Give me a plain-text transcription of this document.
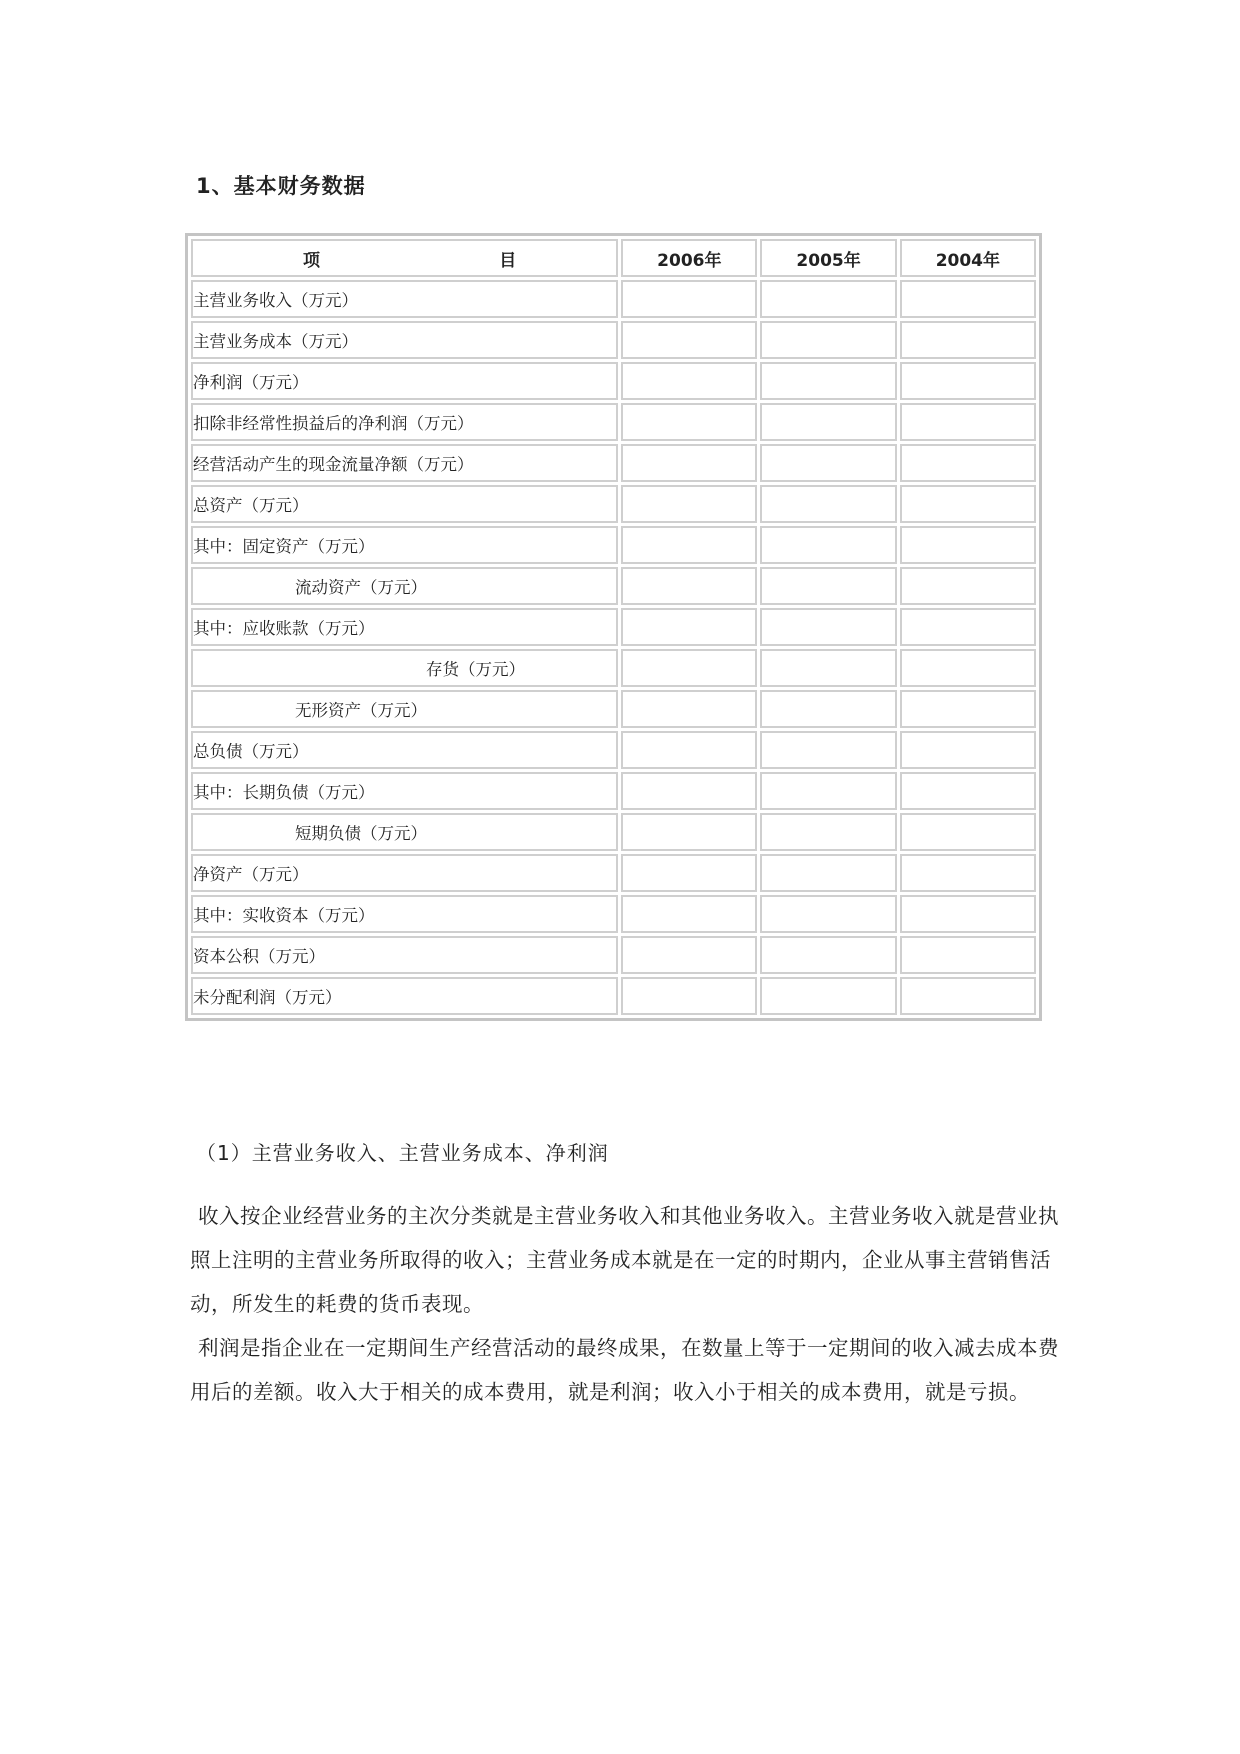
1、基本财务数据
项 目	2006年	2005年	2004年
主营业务收入（万元）			
主营业务成本（万元）			
净利润（万元）			
扣除非经常性损益后的净利润（万元）			
经营活动产生的现金流量净额（万元）			
总资产（万元）			
其中：固定资产（万元）			
流动资产（万元）			
其中：应收账款（万元）			
存货（万元）			
无形资产（万元）			
总负债（万元）			
其中：长期负债（万元）			
短期负债（万元）			
净资产（万元）			
其中：实收资本（万元）			
资本公积（万元）			
未分配利润（万元）			
（1）主营业务收入、主营业务成本、净利润

收入按企业经营业务的主次分类就是主营业务收入和其他业务收入。主营业务收入就是营业执照上注明的主营业务所取得的收入；主营业务成本就是在一定的时期内，企业从事主营销售活动，所发生的耗费的货币表现。

利润是指企业在一定期间生产经营活动的最终成果，在数量上等于一定期间的收入减去成本费用后的差额。收入大于相关的成本费用，就是利润；收入小于相关的成本费用，就是亏损。
